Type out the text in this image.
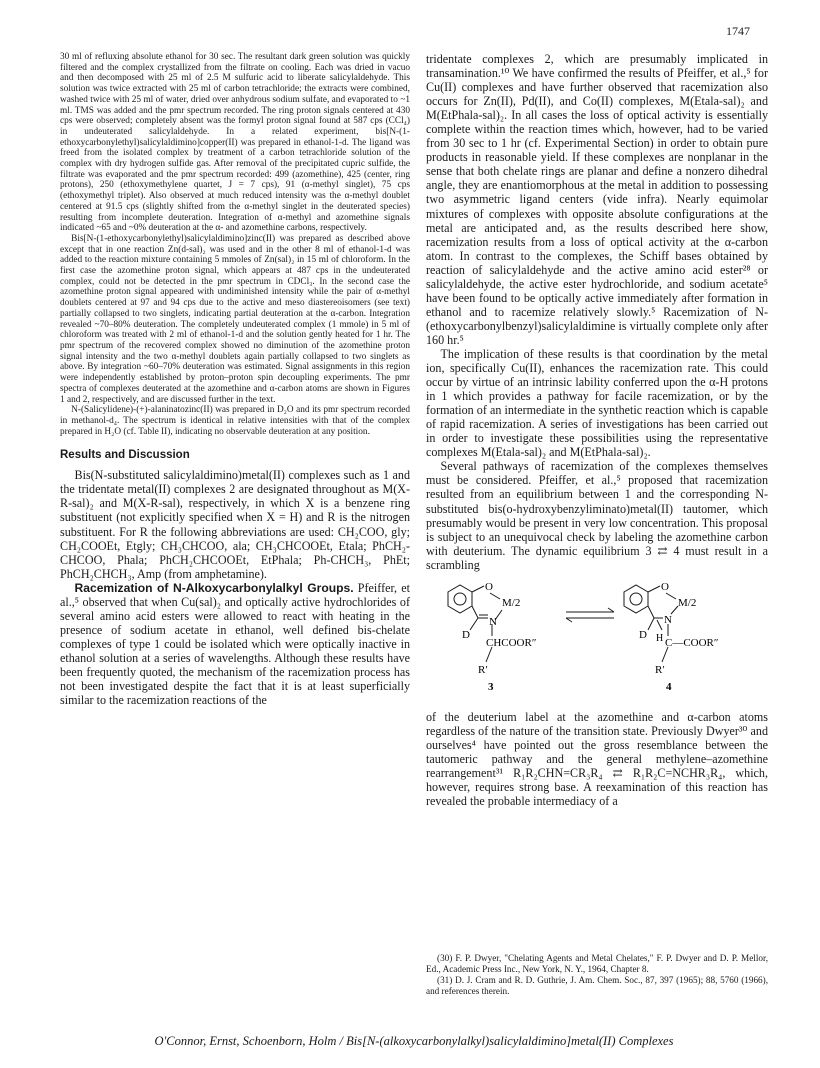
1747

30 ml of refluxing absolute ethanol for 30 sec. The resultant dark green solution was quickly filtered and the complex crystallized from the filtrate on cooling. Each was dried in vacuo and then decomposed with 25 ml of 2.5 M sulfuric acid to liberate salicylaldehyde. This solution was twice extracted with 25 ml of carbon tetrachloride; the extracts were combined, washed twice with 25 ml of water, dried over anhydrous sodium sulfate, and evaporated to ~1 ml. TMS was added and the pmr spectrum recorded. The ring proton signals centered at 430 cps were observed; completely absent was the formyl proton signal found at 587 cps (CCl₄) in undeuterated salicylaldehyde. In a related experiment, bis[N-(1-ethoxycarbonylethyl)salicylaldimino]copper(II) was prepared in ethanol-1-d. The ligand was freed from the isolated complex by treatment of a carbon tetrachloride solution of the complex with dry hydrogen sulfide gas. After removal of the precipitated cupric sulfide, the filtrate was evaporated and the pmr spectrum recorded: 499 (azomethine), 425 (center, ring protons), 250 (ethoxymethylene quartet, J = 7 cps), 91 (α-methyl singlet), 75 cps (ethoxymethyl triplet). Also observed at much reduced intensity was the α-methyl doublet centered at 91.5 cps (slightly shifted from the α-methyl singlet in the deuterated species) resulting from incomplete deuteration. Integration of α-methyl and azomethine signals indicated ~65 and ~0% deuteration at the α- and azomethine carbons, respectively.

Bis[N-(1-ethoxycarbonylethyl)salicylaldimino]zinc(II) was prepared as described above except that in one reaction Zn(d-sal)₂ was used and in the other 8 ml of ethanol-1-d was added to the reaction mixture containing 5 mmoles of Zn(sal)₂ in 15 ml of chloroform. In the first case the azomethine proton signal, which appears at 487 cps in the undeuterated complex, could not be detected in the pmr spectrum in CDCl₃. In the second case the azomethine proton signal appeared with undiminished intensity while the pair of α-methyl doublets centered at 97 and 94 cps due to the active and meso diastereoisomers (see text) partially collapsed to two singlets, indicating partial deuteration at the α-carbon. Integration revealed ~70–80% deuteration. The completely undeuterated complex (1 mmole) in 5 ml of chloroform was treated with 2 ml of ethanol-1-d and the solution gently heated for 1 hr. The pmr spectrum of the recovered complex showed no diminution of the azomethine proton signal intensity and the two α-methyl doublets again partially collapsed to two singlets as above. By integration ~60–70% deuteration was estimated. Signal assignments in this region were independently established by proton–proton spin decoupling experiments. The pmr spectra of complexes deuterated at the azomethine and α-carbon atoms are shown in Figures 1 and 2, respectively, and are discussed further in the text.

N-(Salicylidene)-(+)-alaninatozinc(II) was prepared in D₂O and its pmr spectrum recorded in methanol-d₄. The spectrum is identical in relative intensities with that of the complex prepared in H₂O (cf. Table II), indicating no observable deuteration at any position.

Results and Discussion

Bis(N-substituted salicylaldimino)metal(II) complexes such as 1 and the tridentate metal(II) complexes 2 are designated throughout as M(X-R-sal)₂ and M(X-R-sal), respectively, in which X is a benzene ring substituent (not explicitly specified when X = H) and R is the nitrogen substituent. For R the following abbreviations are used: CH₂COO, gly; CH₂COOEt, Etgly; CH₃CHCOO, ala; CH₃CHCOOEt, Etala; PhCH₂-CHCOO, Phala; PhCH₂CHCOOEt, EtPhala; Ph-CHCH₃, PhEt; PhCH₂CHCH₃, Amp (from amphetamine).

Racemization of N-Alkoxycarbonylalkyl Groups. Pfeiffer, et al.,⁵ observed that when Cu(sal)₂ and optically active hydrochlorides of several amino acid esters were allowed to react with heating in the presence of sodium acetate in ethanol, well defined bis-chelate complexes of type 1 could be isolated which were optically inactive in ethanol solution at a series of wavelengths. Although these results have been frequently quoted, the mechanism of the racemization process has not been investigated despite the fact that it is at least superficially similar to the racemization reactions of the

tridentate complexes 2, which are presumably implicated in transamination.¹⁰ We have confirmed the results of Pfeiffer, et al.,⁵ for Cu(II) complexes and have further observed that racemization also occurs for Zn(II), Pd(II), and Co(II) complexes, M(Etala-sal)₂ and M(EtPhala-sal)₂. In all cases the loss of optical activity is essentially complete within the reaction times which, however, had to be varied from 30 sec to 1 hr (cf. Experimental Section) in order to obtain pure products in reasonable yield. If these complexes are nonplanar in the sense that both chelate rings are planar and define a nonzero dihedral angle, they are enantiomorphous at the metal in addition to possessing two asymmetric ligand centers (vide infra). Nearly equimolar mixtures of complexes with opposite absolute configurations at the metal are anticipated and, as the results described here show, racemization results from a loss of optical activity at the α-carbon atom. In contrast to the complexes, the Schiff bases obtained by reaction of salicylaldehyde and the active amino acid ester²⁸ or salicylaldehyde, the active ester hydrochloride, and sodium acetate⁵ have been found to be optically active immediately after formation in ethanol and to racemize relatively slowly.⁵ Racemization of N-(ethoxycarbonylbenzyl)salicylaldimine is virtually complete only after 160 hr.⁵

The implication of these results is that coordination by the metal ion, specifically Cu(II), enhances the racemization rate. This could occur by virtue of an intrinsic lability conferred upon the α-H protons in 1 which provides a pathway for facile racemization, or by the formation of an intermediate in the synthetic reaction which is capable of rapid racemization. A series of investigations has been carried out in order to investigate these possibilities using the representative complexes M(Etala-sal)₂ and M(EtPhala-sal)₂.

Several pathways of racemization of the complexes themselves must be considered. Pfeiffer, et al.,⁵ proposed that racemization resulted from an equilibrium between 1 and the corresponding N-substituted bis(o-hydroxybenzyliminato)metal(II) tautomer, which presumably would be present in very low concentration. This proposal is subject to an unequivocal check by labeling the azomethine carbon with deuterium. The dynamic equilibrium 3 ⇄ 4 must result in a scrambling

O
M/2
N
D
CHCOOR″
R′
3
O
M/2
N
D H C—COOR″
R′
4

of the deuterium label at the azomethine and α-carbon atoms regardless of the nature of the transition state. Previously Dwyer³⁰ and ourselves⁴ have pointed out the gross resemblance between the tautomeric pathway and the general methylene–azomethine rearrangement³¹ R₁R₂CHN=CR₃R₄ ⇄ R₁R₂C=NCHR₃R₄, which, however, requires strong base. A reexamination of this reaction has revealed the probable intermediacy of a

(30) F. P. Dwyer, "Chelating Agents and Metal Chelates," F. P. Dwyer and D. P. Mellor, Ed., Academic Press Inc., New York, N. Y., 1964, Chapter 8.

(31) D. J. Cram and R. D. Guthrie, J. Am. Chem. Soc., 87, 397 (1965); 88, 5760 (1966), and references therein.

O'Connor, Ernst, Schoenborn, Holm / Bis[N-(alkoxycarbonylalkyl)salicylaldimino]metal(II) Complexes
